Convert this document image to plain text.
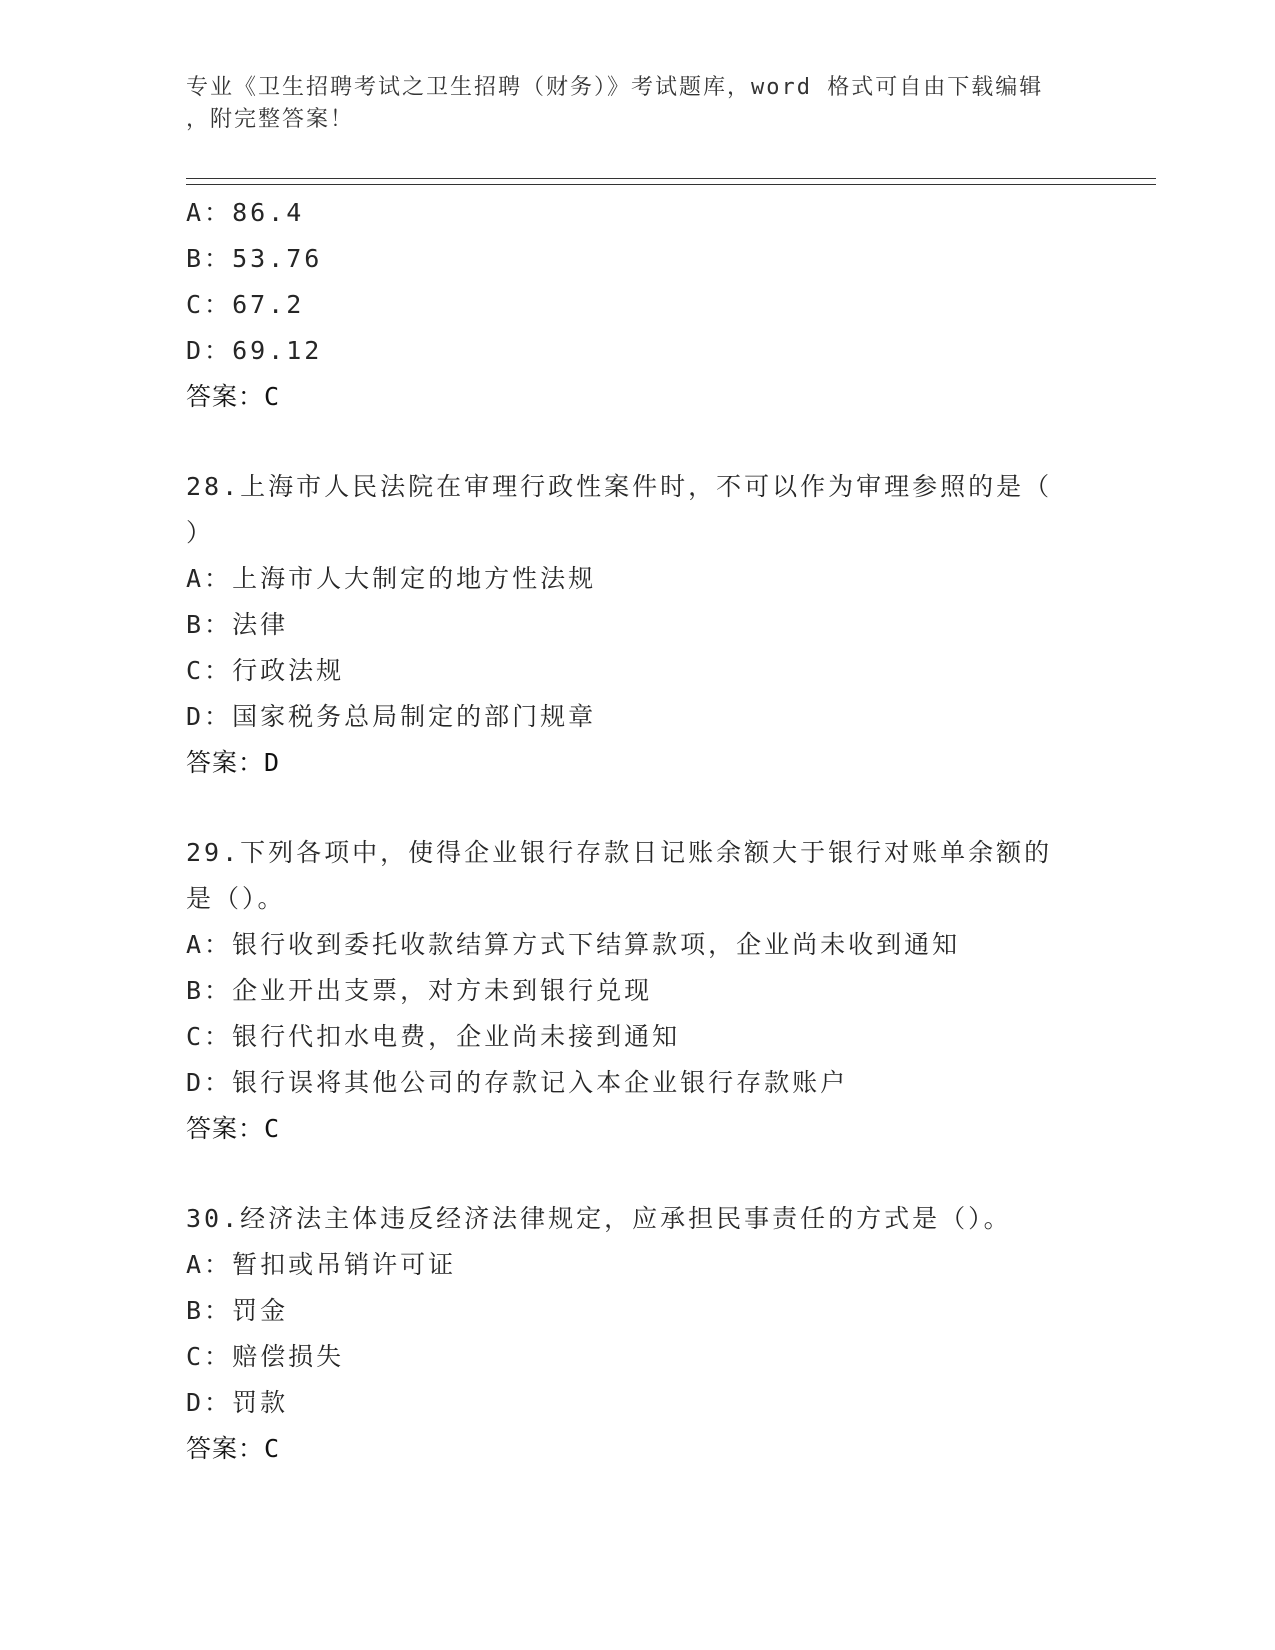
专业《卫生招聘考试之卫生招聘（财务）》考试题库，word 格式可自由下载编辑
，附完整答案！
A：86.4
B：53.76
C：67.2
D：69.12
答案：C
28.上海市人民法院在审理行政性案件时，不可以作为审理参照的是（
）
A：上海市人大制定的地方性法规
B：法律
C：行政法规
D：国家税务总局制定的部门规章
答案：D
29.下列各项中，使得企业银行存款日记账余额大于银行对账单余额的
是（）。
A：银行收到委托收款结算方式下结算款项，企业尚未收到通知
B：企业开出支票，对方未到银行兑现
C：银行代扣水电费，企业尚未接到通知
D：银行误将其他公司的存款记入本企业银行存款账户
答案：C
30.经济法主体违反经济法律规定，应承担民事责任的方式是（）。
A：暂扣或吊销许可证
B：罚金
C：赔偿损失
D：罚款
答案：C
